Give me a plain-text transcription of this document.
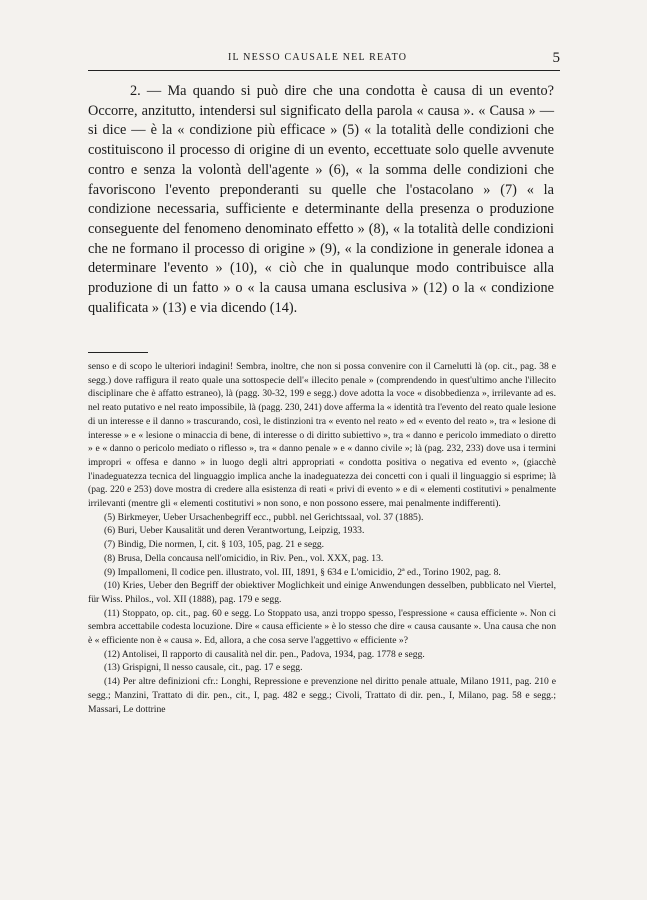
IL NESSO CAUSALE NEL REATO	5

2. — Ma quando si può dire che una condotta è causa di un evento? Occorre, anzitutto, intendersi sul significato della parola « causa ». « Causa » — si dice — è la « condizione più efficace » (5) « la totalità delle condizioni che costituiscono il processo di origine di un evento, eccettuate solo quelle avvenute contro e senza la volontà dell'agente » (6), « la somma delle condizioni che favoriscono l'evento preponderanti su quelle che l'ostacolano » (7) « la condizione necessaria, sufficiente e determinante della presenza o produzione conseguente del fenomeno denominato effetto » (8), « la totalità delle condizioni che ne formano il processo di origine » (9), « la condizione in generale idonea a determinare l'evento » (10), « ciò che in qualunque modo contribuisce alla produzione di un fatto » o « la causa umana esclusiva » (12) o la « condizione qualificata » (13) e via dicendo (14).

senso e di scopo le ulteriori indagini! Sembra, inoltre, che non si possa convenire con il Carnelutti là (op. cit., pag. 38 e segg.) dove raffigura il reato quale una sottospecie dell'« illecito penale » (comprendendo in quest'ultimo anche l'illecito disciplinare che è affatto estraneo), là (pagg. 30-32, 199 e segg.) dove adotta la voce « disobbedienza », irrilevante ad es. nel reato putativo e nel reato impossibile, là (pagg. 230, 241) dove afferma la « identità tra l'evento del reato quale lesione di un interesse e il danno » trascurando, così, le distinzioni tra « evento nel reato » ed « evento del reato », tra « lesione di interesse » e « lesione o minaccia di bene, di interesse o di diritto subiettivo », tra « danno e pericolo immediato o diretto » e « danno o pericolo mediato o riflesso », tra « danno penale » e « danno civile »; là (pag. 232, 233) dove usa i termini impropri « offesa e danno » in luogo degli altri appropriati « condotta positiva o negativa ed evento », (giacchè l'inadeguatezza tecnica del linguaggio implica anche la inadeguatezza dei concetti con i quali il linguaggio si esprime; là (pag. 220 e 253) dove mostra di credere alla esistenza di reati « privi di evento » e di « elementi costitutivi » penalmente irrilevanti (mentre gli « elementi costitutivi » non sono, e non possono essere, mai penalmente indifferenti).

(5) Birkmeyer, Ueber Ursachenbegriff ecc., pubbl. nel Gerichtssaal, vol. 37 (1885).

(6) Buri, Ueber Kausalität und deren Verantwortung, Leipzig, 1933.

(7) Bindig, Die normen, I, cit. § 103, 105, pag. 21 e segg.

(8) Brusa, Della concausa nell'omicidio, in Riv. Pen., vol. XXX, pag. 13.

(9) Impallomeni, Il codice pen. illustrato, vol. III, 1891, § 634 e L'omicidio, 2ª ed., Torino 1902, pag. 8.

(10) Kries, Ueber den Begriff der obiektiver Moglichkeit und einige Anwendungen desselben, pubblicato nel Viertel, für Wiss. Philos., vol. XII (1888), pag. 179 e segg.

(11) Stoppato, op. cit., pag. 60 e segg. Lo Stoppato usa, anzi troppo spesso, l'espressione « causa efficiente ». Non ci sembra accettabile codesta locuzione. Dire « causa efficiente » è lo stesso che dire « causa causante ». Una causa che non è « efficiente non è « causa ». Ed, allora, a che cosa serve l'aggettivo « efficiente »?

(12) Antolisei, Il rapporto di causalità nel dir. pen., Padova, 1934, pag. 1778 e segg.

(13) Grispigni, Il nesso causale, cit., pag. 17 e segg.

(14) Per altre definizioni cfr.: Longhi, Repressione e prevenzione nel diritto penale attuale, Milano 1911, pag. 210 e segg.; Manzini, Trattato di dir. pen., cit., I, pag. 482 e segg.; Civoli, Trattato di dir. pen., I, Milano, pag. 58 e segg.; Massari, Le dottrine
